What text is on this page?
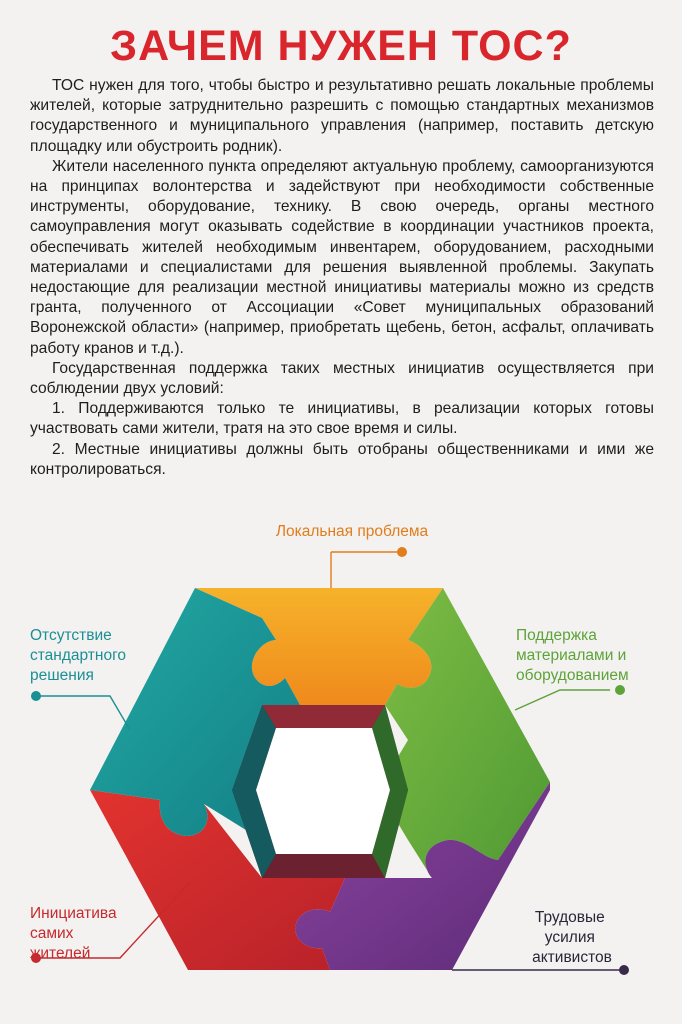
ЗАЧЕМ НУЖЕН ТОС?

ТОС нужен для того, чтобы быстро и результативно решать локальные проблемы жителей, которые затруднительно разрешить с помощью стандартных механизмов государственного и муниципального управления (например, поставить детскую площадку или обустроить родник).

Жители населенного пункта определяют актуальную проблему, самоорганизуются на принципах волонтерства и задействуют при необходимости собственные инструменты, оборудование, технику. В свою очередь, органы местного самоуправления могут оказывать содействие в координации участников проекта, обеспечивать жителей необходимым инвентарем, оборудованием, расходными материалами и специалистами для решения выявленной проблемы. Закупать недостающие для реализации местной инициативы материалы можно из средств гранта, полученного от Ассоциации «Совет муниципальных образований Воронежской области» (например, приобретать щебень, бетон, асфальт, оплачивать работу кранов и т.д.).

Государственная поддержка таких местных инициатив осуществляется при соблюдении двух условий:

1. Поддерживаются только те инициативы, в реализации которых готовы участвовать сами жители, тратя на это свое время и силы.

2. Местные инициативы должны быть отобраны общественниками и ими же контролироваться.

Локальная проблема
Поддержка материалами и оборудованием
Трудовые усилия активистов
Инициатива самих жителей
Отсутствие стандартного решения
